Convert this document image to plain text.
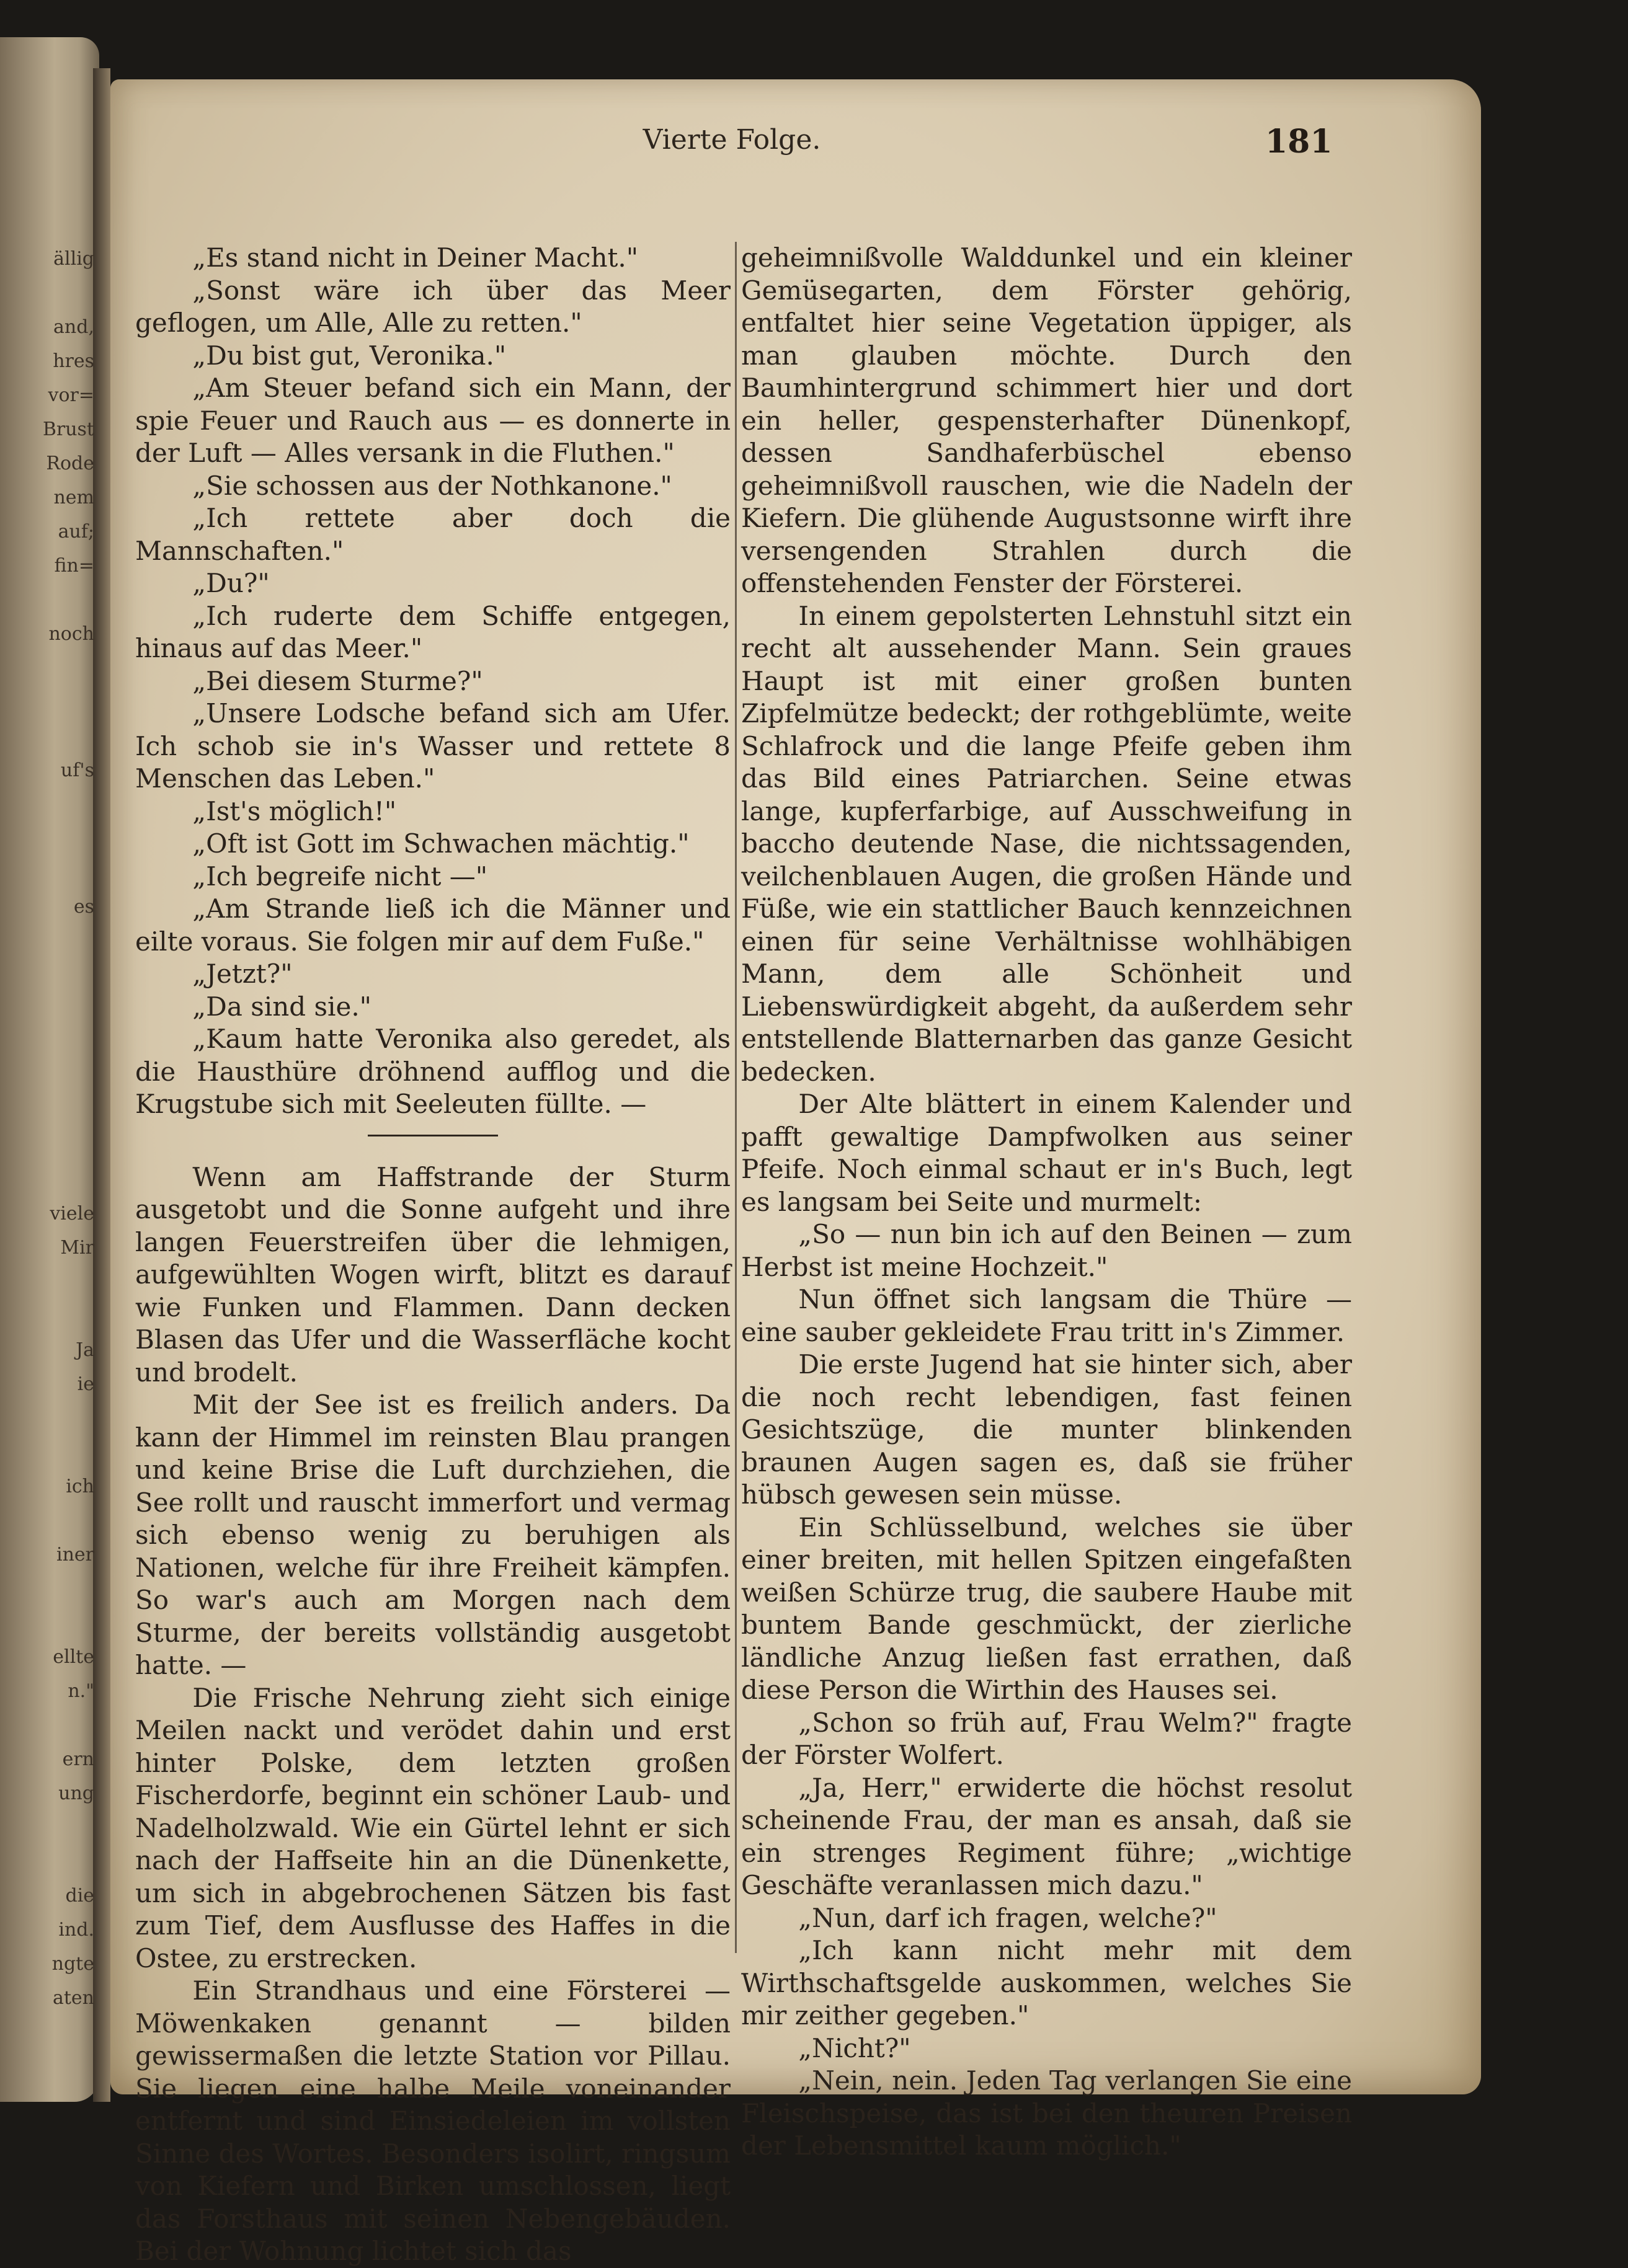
ällig
and,
hres
vor=
Brust
Rode
nem
auf;
fin=
noch
uf's
es
viele
Mir
Ja
ie
ich
iner
ellte
n."
ern
ung
die
ind.
ngte
aten
Vierte Folge.	181

„Es stand nicht in Deiner Macht."

„Sonst wäre ich über das Meer geflogen, um Alle, Alle zu retten."

„Du bist gut, Veronika."

„Am Steuer befand sich ein Mann, der spie Feuer und Rauch aus — es donnerte in der Luft — Alles versank in die Fluthen."

„Sie schossen aus der Nothkanone."

„Ich rettete aber doch die Mannschaften."

„Du?"

„Ich ruderte dem Schiffe entgegen, hinaus auf das Meer."

„Bei diesem Sturme?"

„Unsere Lodsche befand sich am Ufer. Ich schob sie in's Wasser und rettete 8 Menschen das Leben."

„Ist's möglich!"

„Oft ist Gott im Schwachen mächtig."

„Ich begreife nicht —"

„Am Strande ließ ich die Männer und eilte voraus. Sie folgen mir auf dem Fuße."

„Jetzt?"

„Da sind sie."

„Kaum hatte Veronika also geredet, als die Hausthüre dröhnend aufflog und die Krugstube sich mit Seeleuten füllte. —

Wenn am Haffstrande der Sturm ausgetobt und die Sonne aufgeht und ihre langen Feuerstreifen über die lehmigen, aufgewühlten Wogen wirft, blitzt es darauf wie Funken und Flammen. Dann decken Blasen das Ufer und die Wasserfläche kocht und brodelt.

Mit der See ist es freilich anders. Da kann der Himmel im reinsten Blau prangen und keine Brise die Luft durchziehen, die See rollt und rauscht immerfort und vermag sich ebenso wenig zu beruhigen als Nationen, welche für ihre Freiheit kämpfen. So war's auch am Morgen nach dem Sturme, der bereits vollständig ausgetobt hatte. —

Die Frische Nehrung zieht sich einige Meilen nackt und verödet dahin und erst hinter Polske, dem letzten großen Fischerdorfe, beginnt ein schöner Laub- und Nadelholzwald. Wie ein Gürtel lehnt er sich nach der Haffseite hin an die Dünenkette, um sich in abgebrochenen Sätzen bis fast zum Tief, dem Ausflusse des Haffes in die Ostee, zu erstrecken.

Ein Strandhaus und eine Försterei — Möwenkaken genannt — bilden gewissermaßen die letzte Station vor Pillau. Sie liegen eine halbe Meile voneinander entfernt und sind Einsiedeleien im vollsten Sinne des Wortes. Besonders isolirt, ringsum von Kiefern und Birken umschlossen, liegt das Forsthaus mit seinen Nebengebäuden. Bei der Wohnung lichtet sich das

geheimnißvolle Walddunkel und ein kleiner Gemüsegarten, dem Förster gehörig, entfaltet hier seine Vegetation üppiger, als man glauben möchte. Durch den Baumhintergrund schimmert hier und dort ein heller, gespensterhafter Dünenkopf, dessen Sandhaferbüschel ebenso geheimnißvoll rauschen, wie die Nadeln der Kiefern. Die glühende Augustsonne wirft ihre versengenden Strahlen durch die offenstehenden Fenster der Försterei.

In einem gepolsterten Lehnstuhl sitzt ein recht alt aussehender Mann. Sein graues Haupt ist mit einer großen bunten Zipfelmütze bedeckt; der rothgeblümte, weite Schlafrock und die lange Pfeife geben ihm das Bild eines Patriarchen. Seine etwas lange, kupferfarbige, auf Ausschweifung in baccho deutende Nase, die nichtssagenden, veilchenblauen Augen, die großen Hände und Füße, wie ein stattlicher Bauch kennzeichnen einen für seine Verhältnisse wohlhäbigen Mann, dem alle Schönheit und Liebenswürdigkeit abgeht, da außerdem sehr entstellende Blatternarben das ganze Gesicht bedecken.

Der Alte blättert in einem Kalender und pafft gewaltige Dampfwolken aus seiner Pfeife. Noch einmal schaut er in's Buch, legt es langsam bei Seite und murmelt:

„So — nun bin ich auf den Beinen — zum Herbst ist meine Hochzeit."

Nun öffnet sich langsam die Thüre — eine sauber gekleidete Frau tritt in's Zimmer.

Die erste Jugend hat sie hinter sich, aber die noch recht lebendigen, fast feinen Gesichtszüge, die munter blinkenden braunen Augen sagen es, daß sie früher hübsch gewesen sein müsse.

Ein Schlüsselbund, welches sie über einer breiten, mit hellen Spitzen eingefaßten weißen Schürze trug, die saubere Haube mit buntem Bande geschmückt, der zierliche ländliche Anzug ließen fast errathen, daß diese Person die Wirthin des Hauses sei.

„Schon so früh auf, Frau Welm?" fragte der Förster Wolfert.

„Ja, Herr," erwiderte die höchst resolut scheinende Frau, der man es ansah, daß sie ein strenges Regiment führe; „wichtige Geschäfte veranlassen mich dazu."

„Nun, darf ich fragen, welche?"

„Ich kann nicht mehr mit dem Wirthschaftsgelde auskommen, welches Sie mir zeither gegeben."

„Nicht?"

„Nein, nein. Jeden Tag verlangen Sie eine Fleischspeise, das ist bei den theuren Preisen der Lebensmittel kaum möglich."
